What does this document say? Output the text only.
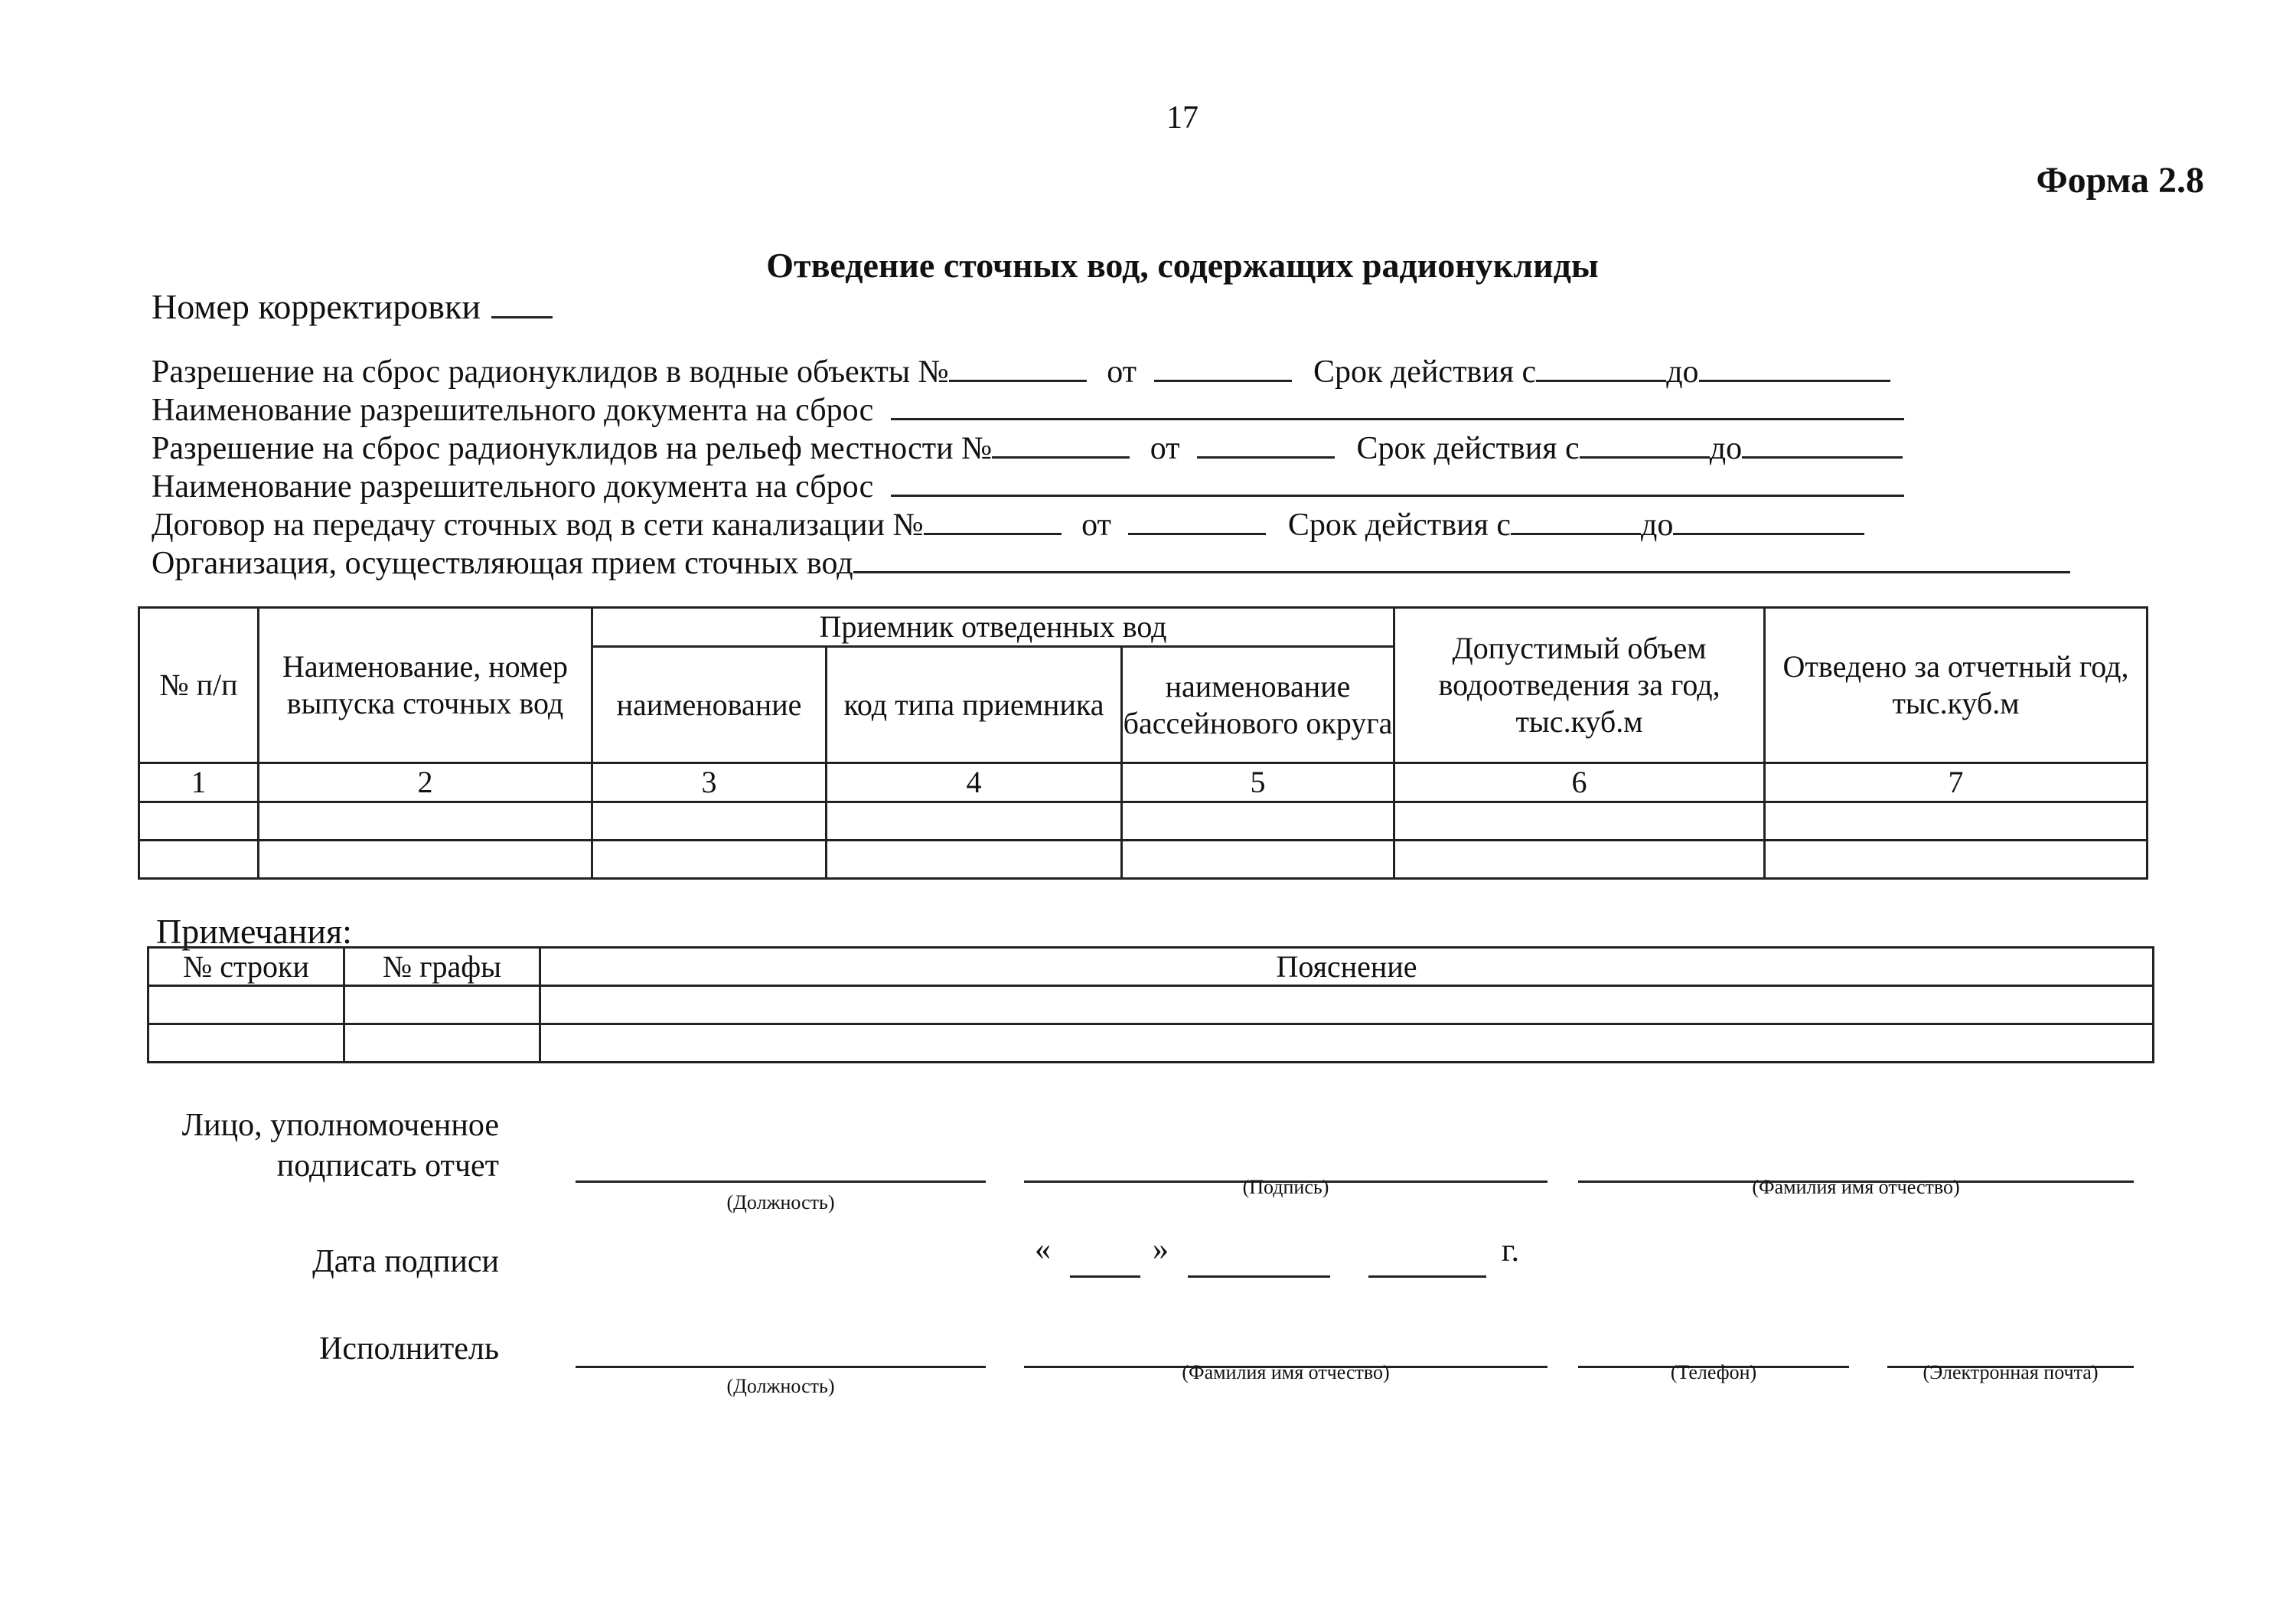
17
Форма 2.8
Отведение сточных вод, содержащих радионуклиды
Номер корректировки
Разрешение на сброс радионуклидов в водные объекты №	от	Срок действия с	до
Наименование разрешительного документа на сброс
Разрешение на сброс радионуклидов на рельеф местности №	от	Срок действия с	до
Наименование разрешительного документа на сброс
Договор на передачу сточных вод в сети канализации №	от	Срок действия с	до
Организация, осуществляющая прием сточных вод
№ п/п	Наименование, номер выпуска сточных вод	Приемник отведенных вод			Допустимый объем водоотведения за год, тыс.куб.м	Отведено за отчетный год, тыс.куб.м
		наименование	код типа приемника	наименование бассейнового округа		
1	2	3	4	5	6	7

Примечания:
№ строки	№ графы	Пояснение

Лицо, уполномоченное
подписать отчет
(Должность)
(Подпись)	(Фамилия имя отчество)
Дата подписи	«	»	г.
Исполнитель
(Должность)
(Фамилия имя отчество)	(Телефон)	(Электронная почта)
